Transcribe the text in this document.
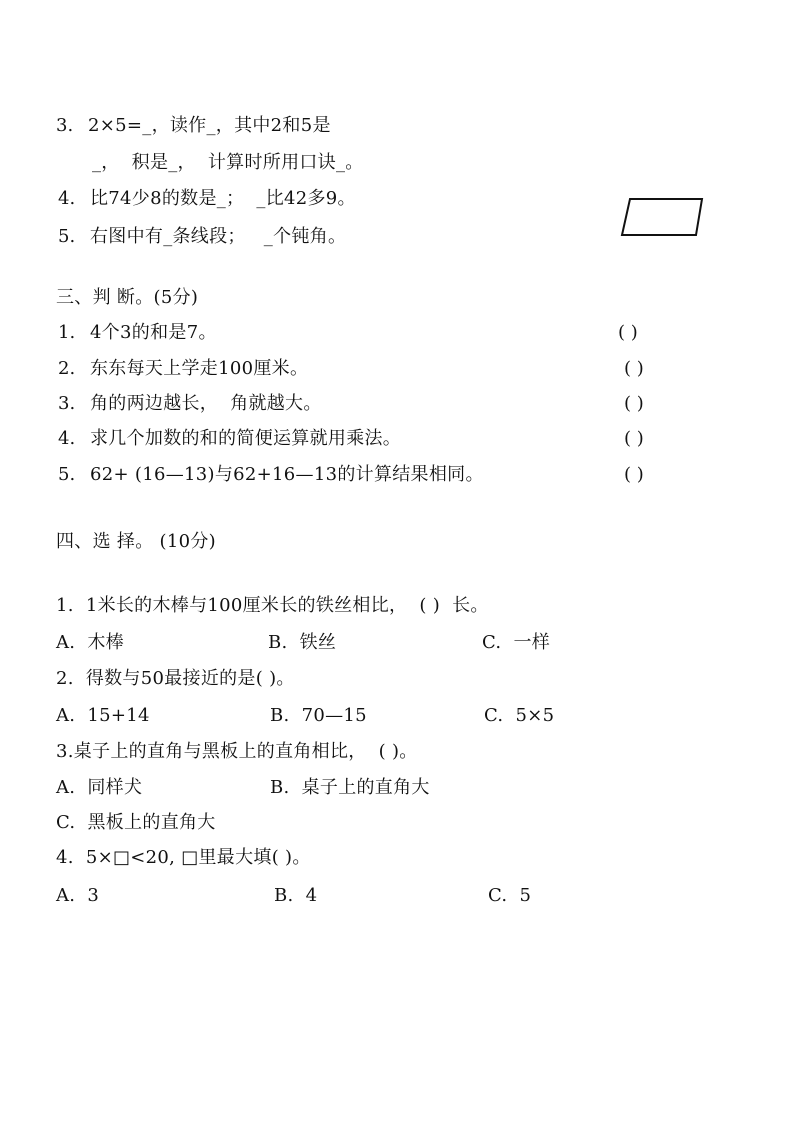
3. 2×5=_，读作_，其中2和5是
_，  积是_，  计算时所用口诀_。
4. 比74少8的数是_；  _比42多9。
5. 右图中有_条线段；   _个钝角。
三、判 断。(5分)
1. 4个3的和是7。	( )
2. 东东每天上学走100厘米。	( )
3. 角的两边越长，  角就越大。	( )
4. 求几个加数的和的简便运算就用乘法。	( )
5. 62+ (16—13)与62+16—13的计算结果相同。	( )
四、选 择。 (10分)
1.  1米长的木棒与100厘米长的铁丝相比，  ( )  长。
A.  木棒	B.  铁丝	C.  一样
2.  得数与50最接近的是( )。
A.  15+14	B.  70—15	C.  5×5
3.桌子上的直角与黑板上的直角相比，  ( )。
A.  同样犬	B.  桌子上的直角大
C.  黑板上的直角大
4.  5×□<20, □里最大填( )。
A.  3	B.  4	C.  5
